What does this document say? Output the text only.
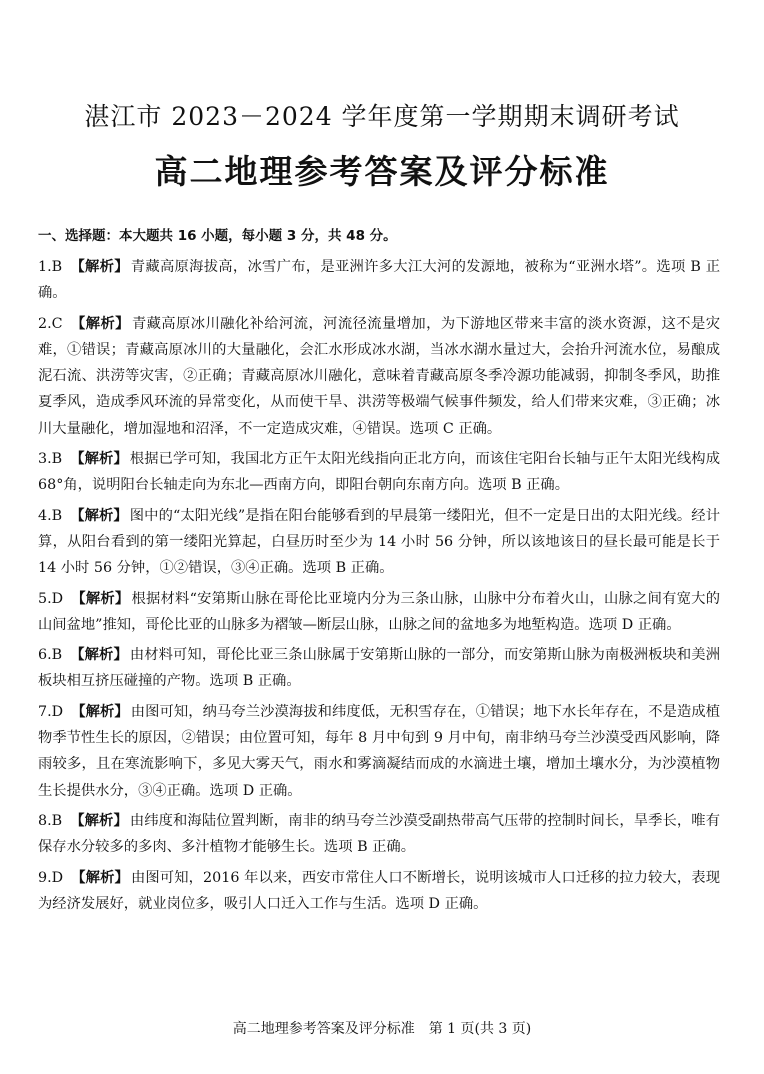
湛江市 2023－2024 学年度第一学期期末调研考试
高二地理参考答案及评分标准

一、选择题：本大题共 16 小题，每小题 3 分，共 48 分。

1.B 【解析】 青藏高原海拔高，冰雪广布，是亚洲许多大江大河的发源地，被称为“亚洲水塔”。选项 B 正确。

2.C 【解析】 青藏高原冰川融化补给河流，河流径流量增加，为下游地区带来丰富的淡水资源，这不是灾难，①错误；青藏高原冰川的大量融化，会汇水形成冰水湖，当冰水湖水量过大，会抬升河流水位，易酿成泥石流、洪涝等灾害，②正确；青藏高原冰川融化，意味着青藏高原冬季冷源功能减弱，抑制冬季风，助推夏季风，造成季风环流的异常变化，从而使干旱、洪涝等极端气候事件频发，给人们带来灾难，③正确；冰川大量融化，增加湿地和沼泽，不一定造成灾难，④错误。选项 C 正确。

3.B 【解析】 根据已学可知，我国北方正午太阳光线指向正北方向，而该住宅阳台长轴与正午太阳光线构成 68°角，说明阳台长轴走向为东北—西南方向，即阳台朝向东南方向。选项 B 正确。

4.B 【解析】 图中的“太阳光线”是指在阳台能够看到的早晨第一缕阳光，但不一定是日出的太阳光线。经计算，从阳台看到的第一缕阳光算起，白昼历时至少为 14 小时 56 分钟，所以该地该日的昼长最可能是长于 14 小时 56 分钟，①②错误，③④正确。选项 B 正确。

5.D 【解析】 根据材料“安第斯山脉在哥伦比亚境内分为三条山脉，山脉中分布着火山，山脉之间有宽大的山间盆地”推知，哥伦比亚的山脉多为褶皱—断层山脉，山脉之间的盆地多为地堑构造。选项 D 正确。

6.B 【解析】 由材料可知，哥伦比亚三条山脉属于安第斯山脉的一部分，而安第斯山脉为南极洲板块和美洲板块相互挤压碰撞的产物。选项 B 正确。

7.D 【解析】 由图可知，纳马夸兰沙漠海拔和纬度低，无积雪存在，①错误；地下水长年存在，不是造成植物季节性生长的原因，②错误；由位置可知，每年 8 月中旬到 9 月中旬，南非纳马夸兰沙漠受西风影响，降雨较多，且在寒流影响下，多见大雾天气，雨水和雾滴凝结而成的水滴进土壤，增加土壤水分，为沙漠植物生长提供水分，③④正确。选项 D 正确。

8.B 【解析】 由纬度和海陆位置判断，南非的纳马夸兰沙漠受副热带高气压带的控制时间长，旱季长，唯有保存水分较多的多肉、多汁植物才能够生长。选项 B 正确。

9.D 【解析】 由图可知，2016 年以来，西安市常住人口不断增长，说明该城市人口迁移的拉力较大，表现为经济发展好，就业岗位多，吸引人口迁入工作与生活。选项 D 正确。

高二地理参考答案及评分标准　第 1 页(共 3 页)
